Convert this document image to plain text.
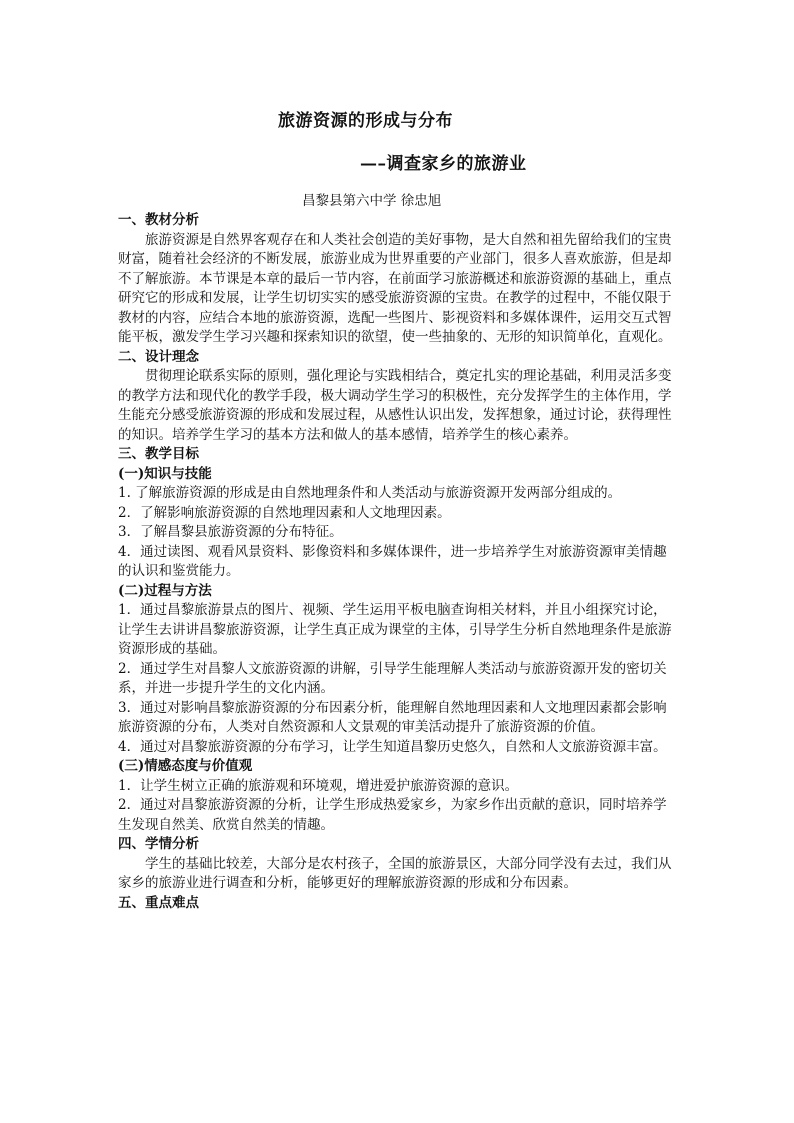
旅游资源的形成与分布
—–调查家乡的旅游业
昌黎县第六中学 徐忠旭

一、教材分析

旅游资源是自然界客观存在和人类社会创造的美好事物，是大自然和祖先留给我们的宝贵财富，随着社会经济的不断发展，旅游业成为世界重要的产业部门，很多人喜欢旅游，但是却不了解旅游。本节课是本章的最后一节内容，在前面学习旅游概述和旅游资源的基础上，重点研究它的形成和发展，让学生切切实实的感受旅游资源的宝贵。在教学的过程中，不能仅限于教材的内容，应结合本地的旅游资源，选配一些图片、影视资料和多媒体课件，运用交互式智能平板，激发学生学习兴趣和探索知识的欲望，使一些抽象的、无形的知识简单化，直观化。

二、设计理念

贯彻理论联系实际的原则，强化理论与实践相结合，奠定扎实的理论基础，利用灵活多变的教学方法和现代化的教学手段，极大调动学生学习的积极性，充分发挥学生的主体作用，学生能充分感受旅游资源的形成和发展过程，从感性认识出发，发挥想象，通过讨论，获得理性的知识。培养学生学习的基本方法和做人的基本感情，培养学生的核心素养。

三、教学目标

(一)知识与技能

1. 了解旅游资源的形成是由自然地理条件和人类活动与旅游资源开发两部分组成的。

2．了解影响旅游资源的自然地理因素和人文地理因素。

3．了解昌黎县旅游资源的分布特征。

4．通过读图、观看风景资料、影像资料和多媒体课件，进一步培养学生对旅游资源审美情趣的认识和鉴赏能力。

(二)过程与方法

1．通过昌黎旅游景点的图片、视频、学生运用平板电脑查询相关材料，并且小组探究讨论，让学生去讲讲昌黎旅游资源，让学生真正成为课堂的主体，引导学生分析自然地理条件是旅游资源形成的基础。

2．通过学生对昌黎人文旅游资源的讲解，引导学生能理解人类活动与旅游资源开发的密切关系，并进一步提升学生的文化内涵。

3．通过对影响昌黎旅游资源的分布因素分析，能理解自然地理因素和人文地理因素都会影响旅游资源的分布，人类对自然资源和人文景观的审美活动提升了旅游资源的价值。

4．通过对昌黎旅游资源的分布学习，让学生知道昌黎历史悠久，自然和人文旅游资源丰富。

(三)情感态度与价值观

1．让学生树立正确的旅游观和环境观，增进爱护旅游资源的意识。

2．通过对昌黎旅游资源的分析，让学生形成热爱家乡，为家乡作出贡献的意识，同时培养学生发现自然美、欣赏自然美的情趣。

四、学情分析

学生的基础比较差，大部分是农村孩子，全国的旅游景区，大部分同学没有去过，我们从家乡的旅游业进行调查和分析，能够更好的理解旅游资源的形成和分布因素。

五、重点难点
